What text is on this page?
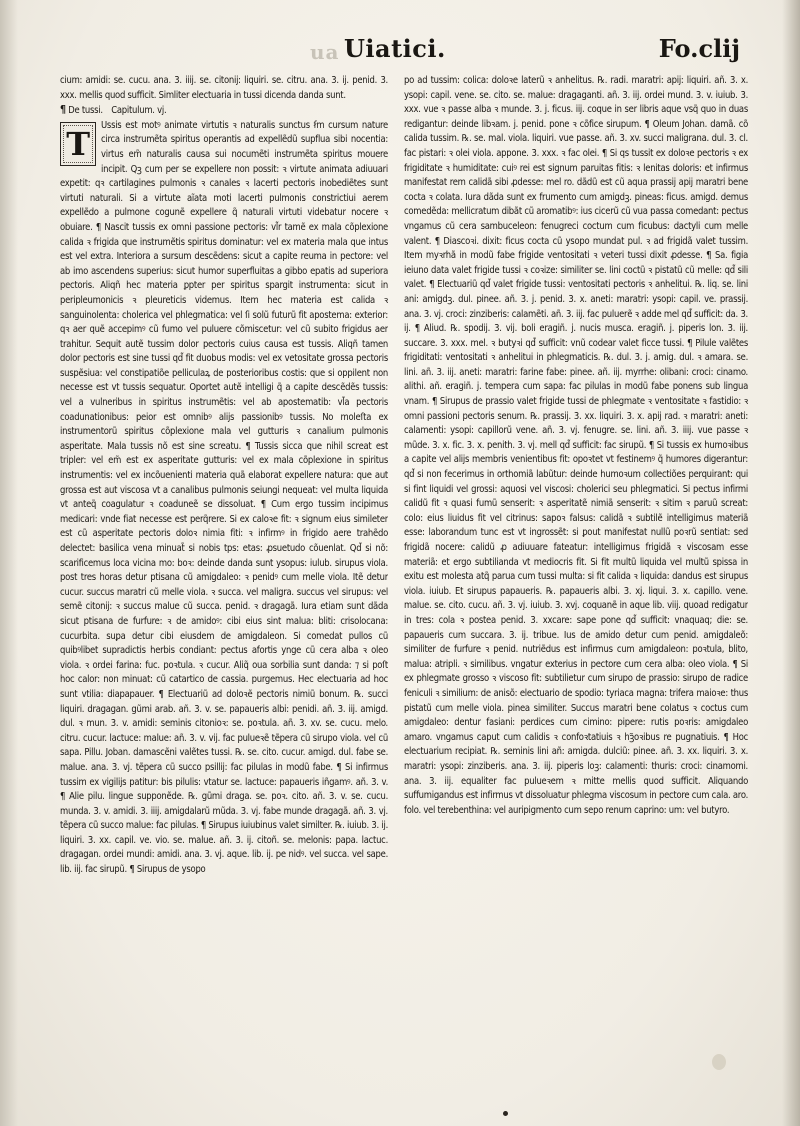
ua Uiatici.	Fo.clij

cium: amidi: se. cucu. ana. 3. iiij. se. citonij: liquiri. se. citru. ana. 3. ij. penid. 3. xxx. mellis quod sufficit. Simliter electuaria in tussi dicenda danda sunt.

¶ De tussi. Capitulum. vj.

T	Ussis est motꝰ animate virtutis ꝛ naturalis sunctus ẜm cursum nature circa instrumẽta spiritus operantis ad expellẽdũ supflua sibi nocentia: virtus em̃ naturalis causa sui nocumẽti instrumẽta spiritus mouere incipit. Qꝫ cum per se expellere non possit: ꝛ virtute animata adiuuari expetit: qꝛ cartilagines pulmonis ꝛ canales ꝛ lacerti pectoris inobediẽtes sunt virtuti naturali. Si a virtute aĩata moti lacerti pulmonis constrictiui aerem expellẽdo a pulmone cogunẽ expellere q̃ naturali virtuti videbatur nocere ꝛ obuiare. ¶ Nascit tussis ex omni passione pectoris: vl̃r tamẽ ex mala cõplexione calida ꝛ frigida que instrumẽtis spiritus dominatur: vel ex materia mala que intus est vel extra. Interiora a sursum descẽdens: sicut a capite reuma in pectore: vel ab imo ascendens superius: sicut humor superfluitas a gibbo epatis ad superiora pectoris. Aliqñ hec materia ꝑpter per spiritus spargit instrumenta: sicut in peripleumonicis ꝛ pleureticis videmus. Item hec materia est calida ꝛ sanguinolenta: cholerica vel phlegmatica: vel ſi solũ futurũ fit apostema: exterior: qꝛ aer quẽ accepimꝰ cũ fumo vel puluere cõmiscetur: vel cũ subito frigidus aer trahitur. Sequit autẽ tussim dolor pectoris cuius causa est tussis. Aliqñ tamen dolor pectoris est sine tussi qd̃ fit duobus modis: vel ex vetositate grossa pectoris suspẽsiua: vel constipatiõe pelliculaꝝ de posterioribus costis: que si oppilent non necesse est vt tussis sequatur. Oportet autẽ intelligi q̃ a capite descẽdẽs tussis: vel a vulneribus in spiritus instrumẽtis: vel ab apostematib: vl̃a pectoris coadunationibus: peior est omnibꝰ alijs passionibꝰ tussis. No moleſta ex instrumentorũ spiritus cõplexione mala vel gutturis ꝛ canalium pulmonis asperitate. Mala tussis nõ est sine screatu. ¶ Tussis sicca que nihil screat est tripler: vel em̃ est ex asperitate gutturis: vel ex mala cõplexione in spiritus instrumentis: vel ex incõuenienti materia quã elaborat expellere natura: que aut grossa est aut viscosa vt a canalibus pulmonis seiungi nequeat: vel multa liquida vt anteq̃ coagulatur ꝛ coaduneẽ se dissoluat. ¶ Cum ergo tussim incipimus medicari: vnde fiat necesse est perq̃rere. Si ex caloꝛe fit: ꝛ signum eius simileter est cũ asperitate pectoris doloꝛ nimia fiti: ꝛ infirmꝰ in frigido aere trahẽdo delectet: basilica vena minuat̃ si nobis tps: etas: ꝓsuetudo cõuenlat. Qd̃ si nõ: scarificemus loca vicina mo: boꝛ: deinde danda sunt ysopus: iulub. sirupus viola. post tres horas detur ptisana cũ amigdaleo: ꝛ penidꝰ cum melle viola. Itẽ detur cucur. succus maratri cũ melle viola. ꝛ succa. vel maligra. succus vel sirupus: vel semẽ citonij: ꝛ succus malue cũ succa. penid. ꝛ dragagã. Iura etiam sunt dãda sicut ptisana de furfure: ꝛ de amidoꝰ: cibi eius sint malua: bliti: crisolocana: cucurbita. suꝑa detur cibi eiusdem de amigdaleon. Si comedat pullos cũ quibꝰlibet supradictis herbis condiant: pectus afortis ynge cũ cera alba ꝛ oleo viola. ꝛ ordei farina: fuc. poꝛtula. ꝛ cucur. Aliq̃ oua sorbilia sunt danda: ⁊ si poſt hoc calor: non minuat: cũ catartico de cassia. purgemus. Hec electuaria ad hoc sunt vtilia: diapapauer. ¶ Electuariũ ad doloꝛẽ pectoris nimiũ bonum. ℞. succi liquiri. dragagan. gũmi arab. añ. 3. v. se. papaueris albi: penidi. añ. 3. iij. amigd. dul. ꝛ mun. 3. v. amidi: seminis citonioꝛ: se. poꝛtula. añ. 3. xv. se. cucu. melo. citru. cucur. lactuce: malue: añ. 3. v. vij. fac pulueꝛẽ tẽpera cũ sirupo viola. vel cũ sapa. Pillu. Joban. damascẽni valẽtes tussi. ℞. se. cito. cucur. amigd. dul. fabe se. malue. ana. 3. vj. tẽpera cũ succo psillij: fac pilulas in modũ fabe. ¶ Si infirmus tussim ex vigilijs patitur: bis pilulis: vtatur se. lactuce: papaueris iñgamꝰ. añ. 3. v. ¶ Alie pilu. lingue supponẽde. ℞. gũmi draga. se. poꝛ. cito. añ. 3. v. se. cucu. munda. 3. v. amidi. 3. iiij. amigdalarũ mũda. 3. vj. fabe munde dragagã. añ. 3. vj. tẽpera cũ succo malue: fac pilulas. ¶ Sirupus iuiubinus valet similter. ℞. iuiub. 3. ij. liquiri. 3. xx. capil. ve. vio. se. malue. añ. 3. ij. citoñ. se. melonis: papa. lactuc. dragagan. ordei mundi: amidi. ana. 3. vj. aque. lib. ij. pe nidꝰ. vel succa. vel sape. lib. iij. fac sirupũ. ¶ Sirupus de ysoꝑo

po ad tussim: colica: doloꝛe laterũ ꝛ anhelitus. ℞. radi. maratri: apij: liquiri. añ. 3. x. ysopi: capil. vene. se. cito. se. malue: dragaganti. añ. 3. iij. ordei mund. 3. v. iuiub. 3. xxx. vue ꝛ passe alba ꝛ munde. 3. j. ficus. iij. coque in ser libris aque vsq̃ quo in duas redigantur: deinde libꝛam. j. penid. pone ꝛ cõfice sirupum. ¶ Oleum Johan. damã. cõ calida tussim. ℞. se. mal. viola. liquiri. vue passe. añ. 3. xv. succi maligrana. dul. 3. cl. fac pistari: ꝛ olei viola. appone. 3. xxx. ꝛ fac olei. ¶ Si qs tussit ex doloꝛe pectoris ꝛ ex frigiditate ꝛ humiditate: cuiꝰ rei est signum paruitas fitis: ꝛ lenitas doloris: et infirmus manifestat rem calidã sibi ꝓdesse: mel ro. dãdũ est cũ aqua prassij apij maratri bene cocta ꝛ colata. Iura dãda sunt ex frumento cum amigdꝫ. pineas: ficus. amigd. demus comedẽda: mellicratum dibãt cũ aromatibꝰ: ius cicerũ cũ vua passa comedant: pectus vngamus cũ cera sambuceleon: fenugreci coctum cum ficubus: dactyli cum melle valent. ¶ Diascoꝛi. dixit: ficus cocta cũ ysopo mundat pul. ꝛ ad frigidã valet tussim. Item myꝛrhã in modũ fabe frigide ventositati ꝛ veteri tussi dixit ꝓdesse. ¶ Sa. figia ieiuno data valet frigide tussi ꝛ coꝛize: similiter se. lini coctũ ꝛ pistatũ cũ melle: qd̃ sili valet. ¶ Electuariũ qd̃ valet frigide tussi: ventositati pectoris ꝛ anhelitui. ℞. liq. se. lini ani: amigdꝫ. dul. pinee. añ. 3. j. penid. 3. x. aneti: maratri: ysopi: capil. ve. prassij. ana. 3. vj. croci: zinziberis: calamẽti. añ. 3. iij. fac puluerẽ ꝛ adde mel qd̃ sufficit: da. 3. ij. ¶ Aliud. ℞. spodij. 3. vij. boli eragiñ. j. nucis musca. eragiñ. j. piperis lon. 3. iij. succare. 3. xxx. mel. ꝛ butyꝛi qd̃ sufficit: vnũ codear valet ficce tussi. ¶ Pilule valẽtes frigiditati: ventositati ꝛ anhelitui in phlegmaticis. ℞. dul. 3. j. amig. dul. ꝛ amara. se. lini. añ. 3. iij. aneti: maratri: farine fabe: pinee. añ. iij. myrrhe: olibani: croci: cinamo. alithi. añ. eragiñ. j. tempera cum sapa: fac pilulas in modũ fabe ponens sub lingua vnam. ¶ Sirupus de prassio valet frigide tussi de phlegmate ꝛ ventositate ꝛ fastidio: ꝛ omni passioni pectoris senum. ℞. prassij. 3. xx. liquiri. 3. x. apij rad. ꝛ maratri: aneti: calamenti: ysopi: capillorũ vene. añ. 3. vj. fenugre. se. lini. añ. 3. iiij. vue passe ꝛ mũde. 3. x. fic. 3. x. penith. 3. vj. mell qd̃ sufficit: fac sirupũ. ¶ Si tussis ex humoꝛibus a capite vel alijs membris venientibus fit: opoꝛtet vt festinemꝰ q̃ humores digerantur: qd̃ si non fecerimus in orthomiã labũtur: deinde humoꝛum collectiões perquirant: qui si fint liquidi vel grossi: aquosi vel viscosi: cholerici seu phlegmatici. Si pectus infirmi calidũ fit ꝛ quasi fumũ senserit: ꝛ asperitatẽ nimiã senserit: ꝛ sitim ꝛ paruũ screat: colo: eius liuidus fit vel citrinus: sapoꝛ falsus: calidã ꝛ subtilẽ intelligimus materiã esse: laborandum tunc est vt ingrossẽt: si ꝑout manifestat nullũ poꝛrũ sentiat: sed frigidã nocere: calidũ ꝓ adiuuare fateatur: intelligimus frigidã ꝛ viscosam esse materiã: et ergo subtilianda vt mediocris fit. Si fit multũ liquida vel multũ spissa in exitu est molesta atq̃ parua cum tussi multa: si fit calida ꝛ liquida: dandus est sirupus viola. iuiub. Et sirupus papaueris. ℞. papaueris albi. 3. xj. liqui. 3. x. capillo. vene. malue. se. cito. cucu. añ. 3. vj. iuiub. 3. xvj. coquanẽ in aque lib. viij. quoad redigatur in tres: cola ꝛ postea penid. 3. xxcare: sape pone qd̃ sufficit: vnaquaq; die: se. papaueris cum succara. 3. ij. tribue. Ius de amido detur cum penid. amigdaleõ: similiter de furfure ꝛ penid. nutriẽdus est infirmus cum amigdaleon: poꝛtula, blito, malua: atripli. ꝛ similibus. vngatur exterius in pectore cum cera alba: oleo viola. ¶ Si ex phlegmate grosso ꝛ viscoso fit: subtilietur cum sirupo de prassio: sirupo de radice feniculi ꝛ similium: de anisõ: electuario de spodio: tyriaca magna: trifera maioꝛe: thus pistatũ cum melle viola. pinea similiter. Succus maratri bene colatus ꝛ coctus cum amigdaleo: dentur fasiani: perdices cum cimino: pipere: rutis poꝛris: amigdaleo amaro. vngamus caput cum calidis ꝛ confoꝛtatiuis ꝛ hꝫ̃oꝛibus re pugnatiuis. ¶ Hoc electuarium recipiat. ℞. seminis lini añ: amigda. dulciũ: pinee. añ. 3. xx. liquiri. 3. x. maratri: ysopi: zinziberis. ana. 3. iij. piperis loꝫ: calamenti: thuris: croci: cinamomi. ana. 3. iij. equaliter fac pulueꝛem ꝛ mitte mellis quod sufficit. Aliquando suffumigandus est infirmus vt dissoluatur phlegma viscosum in pectore cum cala. aro. folo. vel terebenthina: vel auripigmento cum sepo renum caprino: um: vel butyro.
